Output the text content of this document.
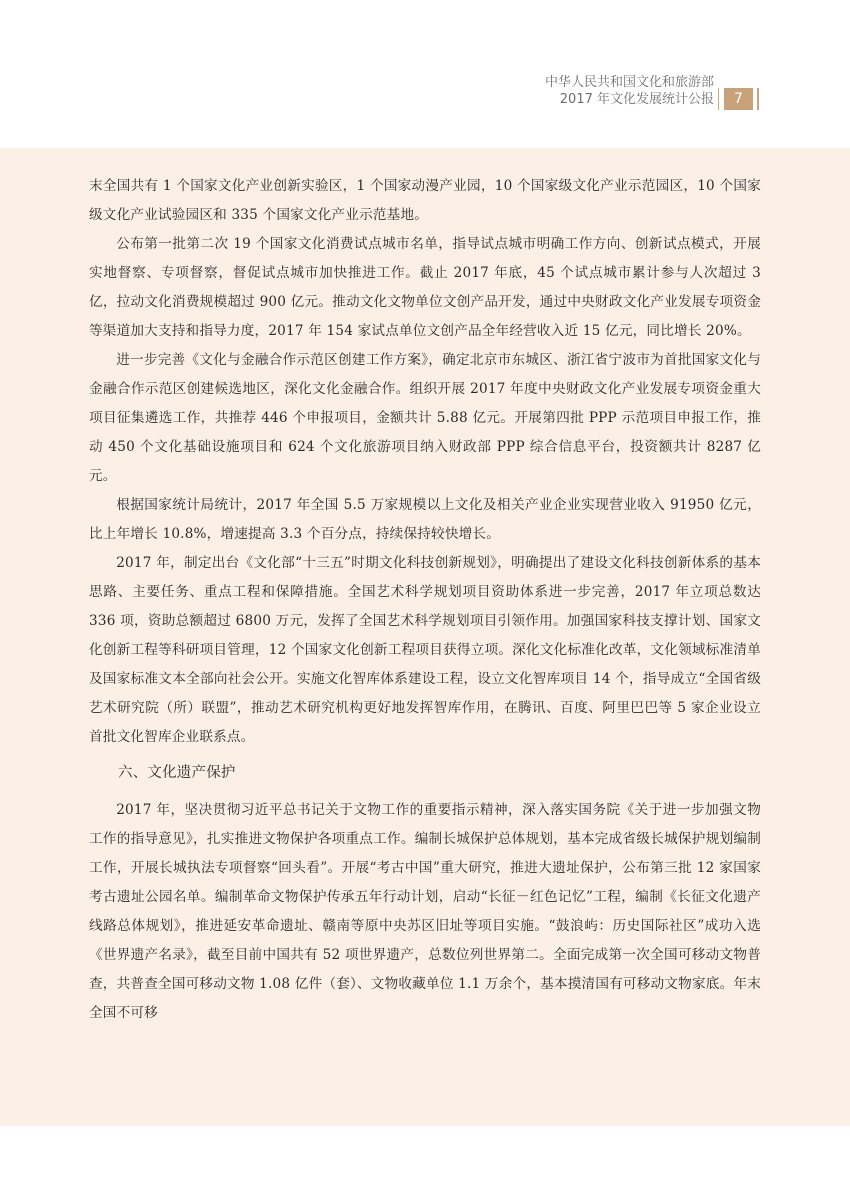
中华人民共和国文化和旅游部
2017 年文化发展统计公报	7

末全国共有 1 个国家文化产业创新实验区，1 个国家动漫产业园，10 个国家级文化产业示范园区，10 个国家级文化产业试验园区和 335 个国家文化产业示范基地。

公布第一批第二次 19 个国家文化消费试点城市名单，指导试点城市明确工作方向、创新试点模式，开展实地督察、专项督察，督促试点城市加快推进工作。截止 2017 年底，45 个试点城市累计参与人次超过 3 亿，拉动文化消费规模超过 900 亿元。推动文化文物单位文创产品开发，通过中央财政文化产业发展专项资金等渠道加大支持和指导力度，2017 年 154 家试点单位文创产品全年经营收入近 15 亿元，同比增长 20%。

进一步完善《文化与金融合作示范区创建工作方案》，确定北京市东城区、浙江省宁波市为首批国家文化与金融合作示范区创建候选地区，深化文化金融合作。组织开展 2017 年度中央财政文化产业发展专项资金重大项目征集遴选工作，共推荐 446 个申报项目，金额共计 5.88 亿元。开展第四批 PPP 示范项目申报工作，推动 450 个文化基础设施项目和 624 个文化旅游项目纳入财政部 PPP 综合信息平台，投资额共计 8287 亿元。

根据国家统计局统计，2017 年全国 5.5 万家规模以上文化及相关产业企业实现营业收入 91950 亿元，比上年增长 10.8%，增速提高 3.3 个百分点，持续保持较快增长。

2017 年，制定出台《文化部“十三五”时期文化科技创新规划》，明确提出了建设文化科技创新体系的基本思路、主要任务、重点工程和保障措施。全国艺术科学规划项目资助体系进一步完善，2017 年立项总数达 336 项，资助总额超过 6800 万元，发挥了全国艺术科学规划项目引领作用。加强国家科技支撑计划、国家文化创新工程等科研项目管理，12 个国家文化创新工程项目获得立项。深化文化标准化改革，文化领域标准清单及国家标准文本全部向社会公开。实施文化智库体系建设工程，设立文化智库项目 14 个，指导成立“全国省级艺术研究院（所）联盟”，推动艺术研究机构更好地发挥智库作用，在腾讯、百度、阿里巴巴等 5 家企业设立首批文化智库企业联系点。

六、文化遗产保护

2017 年，坚决贯彻习近平总书记关于文物工作的重要指示精神，深入落实国务院《关于进一步加强文物工作的指导意见》，扎实推进文物保护各项重点工作。编制长城保护总体规划，基本完成省级长城保护规划编制工作，开展长城执法专项督察“回头看”。开展“考古中国”重大研究，推进大遗址保护，公布第三批 12 家国家考古遗址公园名单。编制革命文物保护传承五年行动计划，启动“长征－红色记忆”工程，编制《长征文化遗产线路总体规划》，推进延安革命遗址、赣南等原中央苏区旧址等项目实施。“鼓浪屿：历史国际社区”成功入选《世界遗产名录》，截至目前中国共有 52 项世界遗产，总数位列世界第二。全面完成第一次全国可移动文物普查，共普查全国可移动文物 1.08 亿件（套）、文物收藏单位 1.1 万余个，基本摸清国有可移动文物家底。年末全国不可移
